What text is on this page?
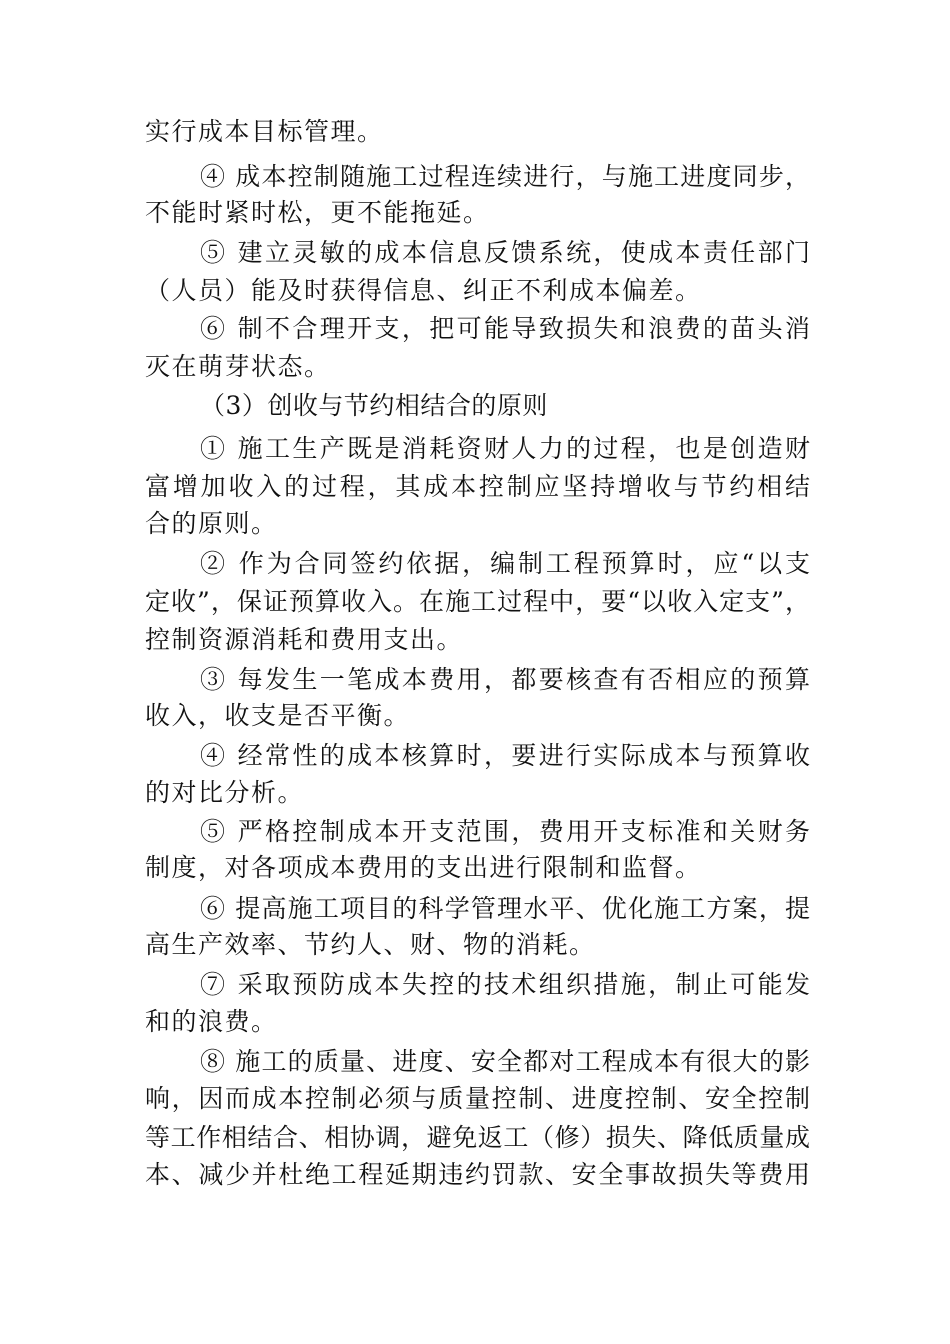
实行成本目标管理。
④ 成本控制随施工过程连续进行，与施工进度同步，
不能时紧时松，更不能拖延。
⑤ 建立灵敏的成本信息反馈系统，使成本责任部门
（人员）能及时获得信息、纠正不利成本偏差。
⑥ 制不合理开支，把可能导致损失和浪费的苗头消
灭在萌芽状态。
（3）创收与节约相结合的原则
① 施工生产既是消耗资财人力的过程，也是创造财
富增加收入的过程，其成本控制应坚持增收与节约相结
合的原则。
② 作为合同签约依据，编制工程预算时，应“以支
定收”，保证预算收入。在施工过程中，要“以收入定支”，
控制资源消耗和费用支出。
③ 每发生一笔成本费用，都要核查有否相应的预算
收入，收支是否平衡。
④ 经常性的成本核算时，要进行实际成本与预算收
的对比分析。
⑤ 严格控制成本开支范围，费用开支标准和关财务
制度，对各项成本费用的支出进行限制和监督。
⑥ 提高施工项目的科学管理水平、优化施工方案，提
高生产效率、节约人、财、物的消耗。
⑦ 采取预防成本失控的技术组织措施，制止可能发
和的浪费。
⑧ 施工的质量、进度、安全都对工程成本有很大的影
响，因而成本控制必须与质量控制、进度控制、安全控制
等工作相结合、相协调，避免返工（修）损失、降低质量成
本、减少并杜绝工程延期违约罚款、安全事故损失等费用
